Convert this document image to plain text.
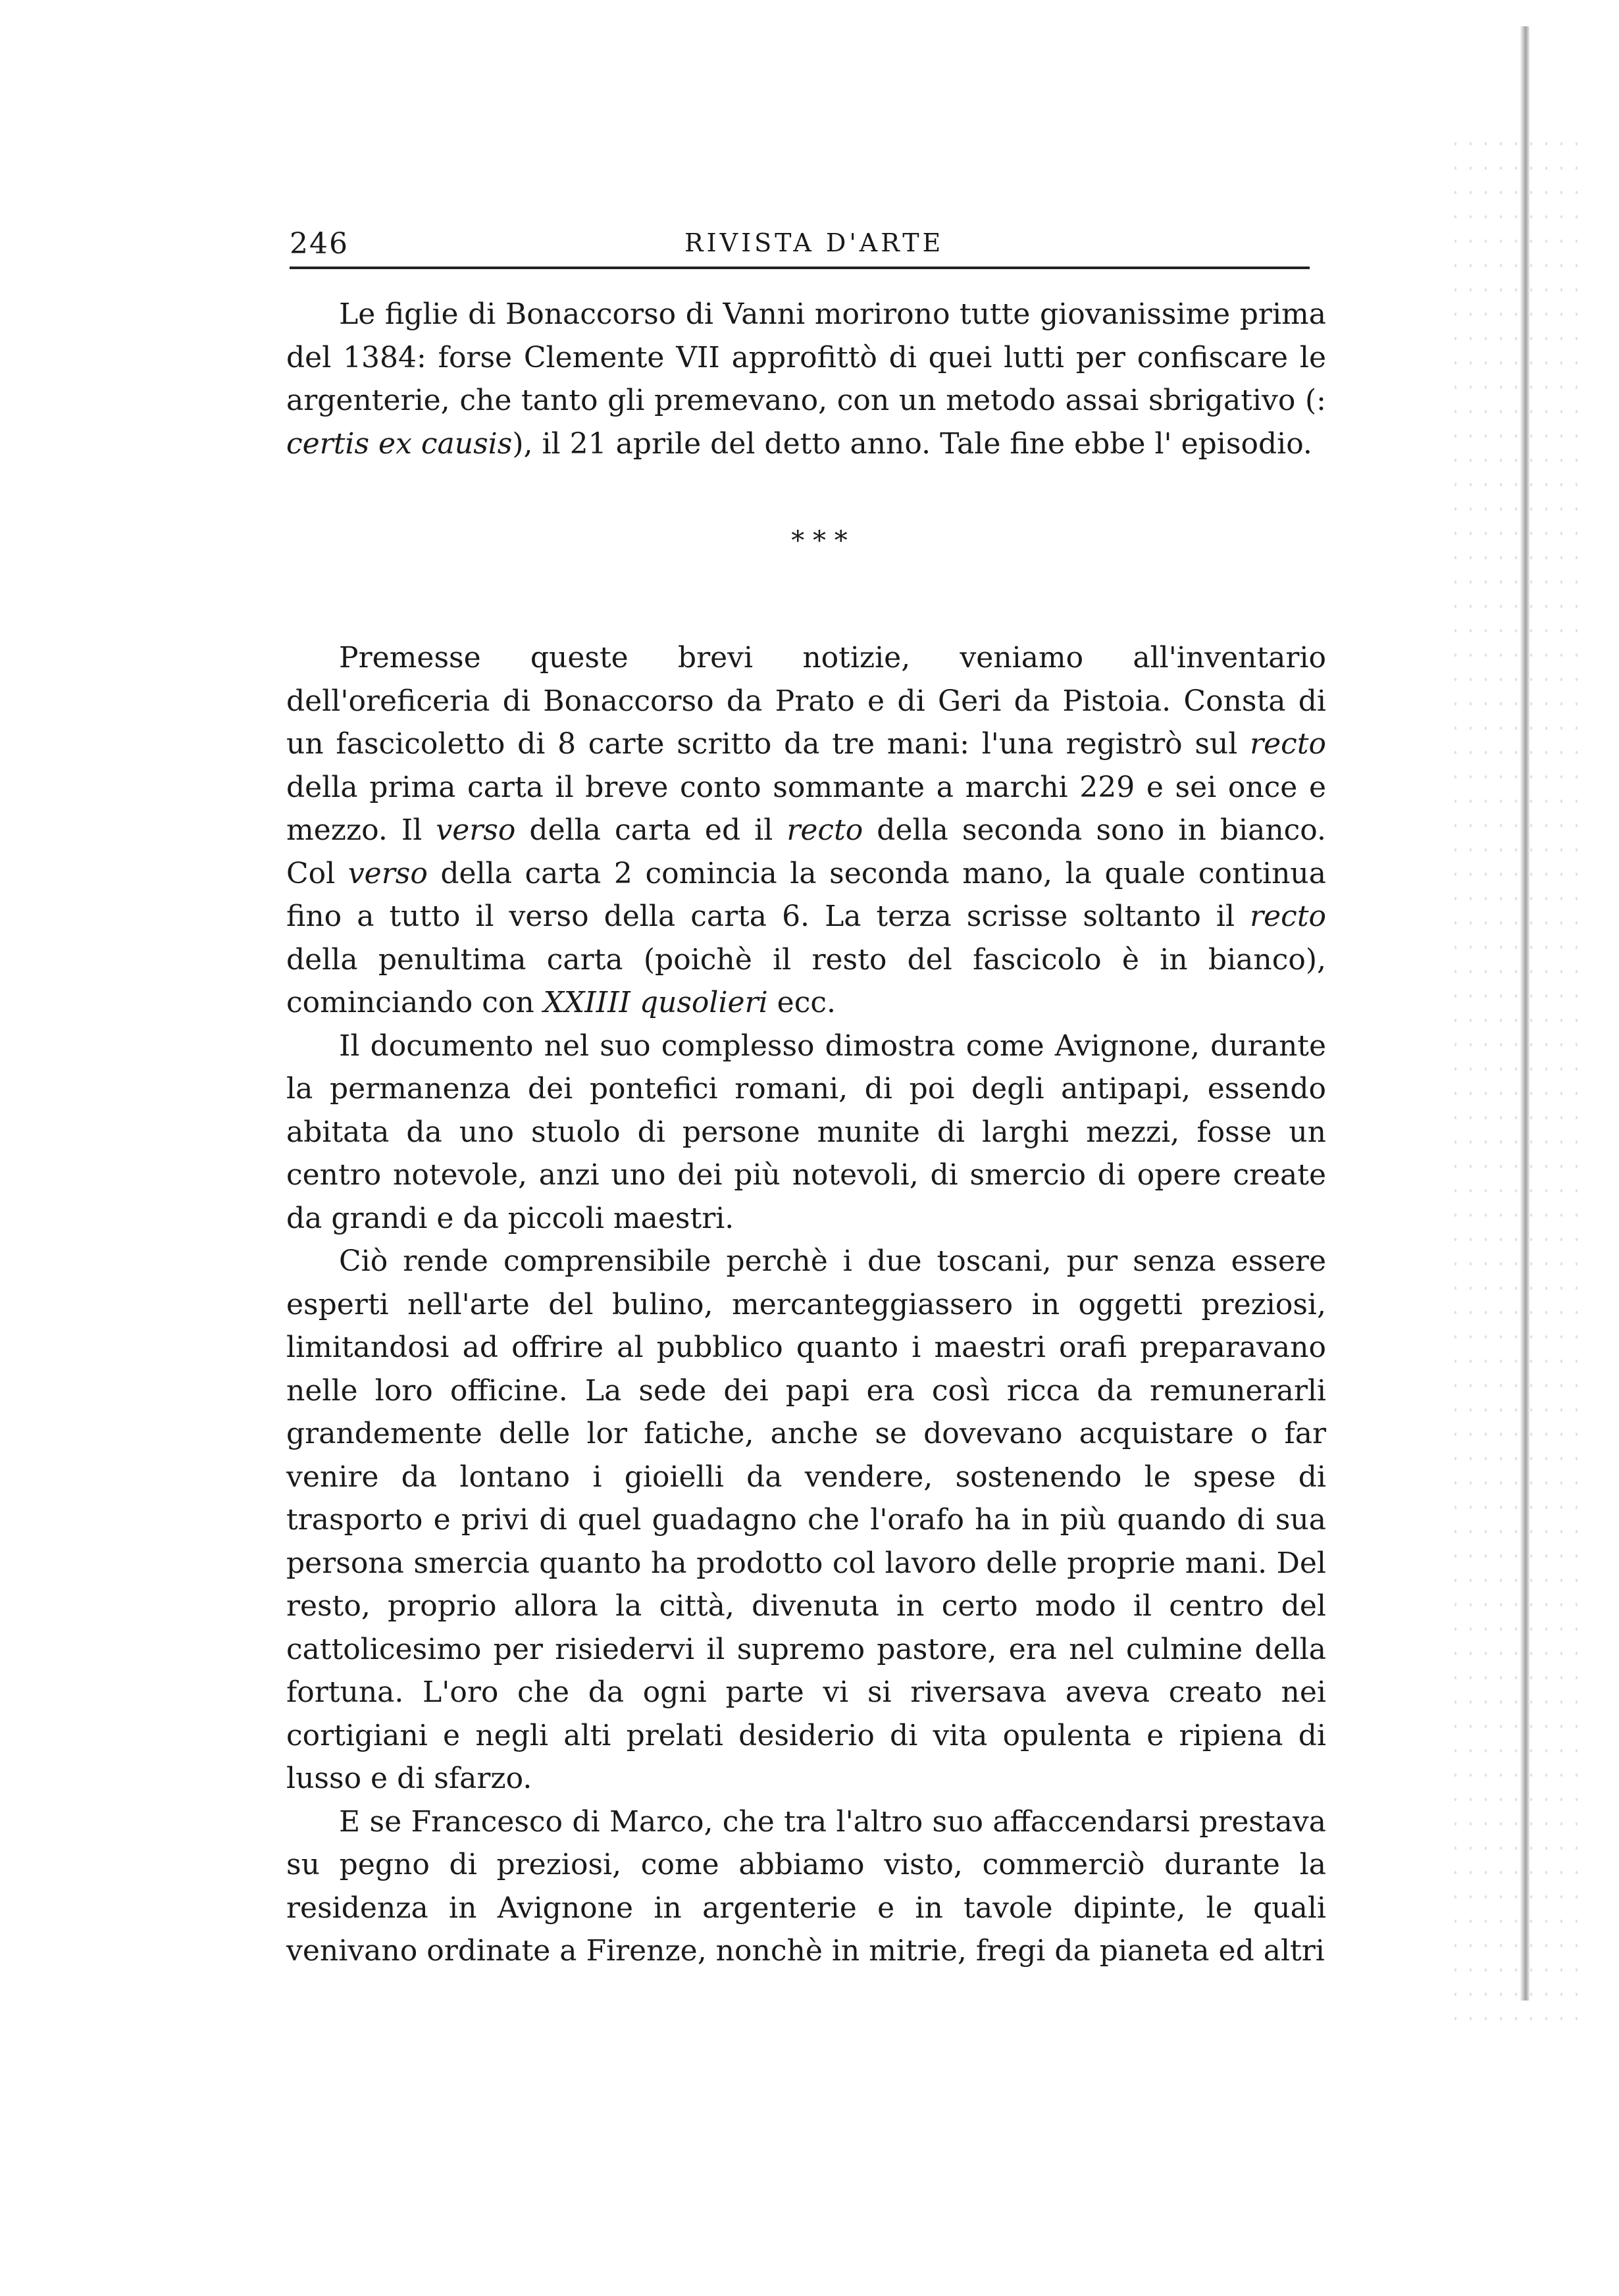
246	RIVISTA D'ARTE

Le figlie di Bonaccorso di Vanni morirono tutte giovanissime prima del 1384: forse Clemente VII approfittò di quei lutti per confiscare le argenterie, che tanto gli premevano, con un metodo assai sbrigativo (: certis ex causis), il 21 aprile del detto anno. Tale fine ebbe l' episodio.

* * *

Premesse queste brevi notizie, veniamo all'inventario dell'oreficeria di Bonaccorso da Prato e di Geri da Pistoia. Consta di un fascicoletto di 8 carte scritto da tre mani: l'una registrò sul recto della prima carta il breve conto sommante a marchi 229 e sei once e mezzo. Il verso della carta ed il recto della seconda sono in bianco. Col verso della carta 2 comincia la seconda mano, la quale continua fino a tutto il verso della carta 6. La terza scrisse soltanto il recto della penultima carta (poichè il resto del fascicolo è in bianco), cominciando con XXIIII qusolieri ecc.

Il documento nel suo complesso dimostra come Avignone, durante la permanenza dei pontefici romani, di poi degli antipapi, essendo abitata da uno stuolo di persone munite di larghi mezzi, fosse un centro notevole, anzi uno dei più notevoli, di smercio di opere create da grandi e da piccoli maestri.

Ciò rende comprensibile perchè i due toscani, pur senza essere esperti nell'arte del bulino, mercanteggiassero in oggetti preziosi, limitandosi ad offrire al pubblico quanto i maestri orafi preparavano nelle loro officine. La sede dei papi era così ricca da remunerarli grandemente delle lor fatiche, anche se dovevano acquistare o far venire da lontano i gioielli da vendere, sostenendo le spese di trasporto e privi di quel guadagno che l'orafo ha in più quando di sua persona smercia quanto ha prodotto col lavoro delle proprie mani. Del resto, proprio allora la città, divenuta in certo modo il centro del cattolicesimo per risiedervi il supremo pastore, era nel culmine della fortuna. L'oro che da ogni parte vi si riversava aveva creato nei cortigiani e negli alti prelati desiderio di vita opulenta e ripiena di lusso e di sfarzo.

E se Francesco di Marco, che tra l'altro suo affaccendarsi prestava su pegno di preziosi, come abbiamo visto, commerciò durante la residenza in Avignone in argenterie e in tavole dipinte, le quali venivano ordinate a Firenze, nonchè in mitrie, fregi da pianeta ed altri
